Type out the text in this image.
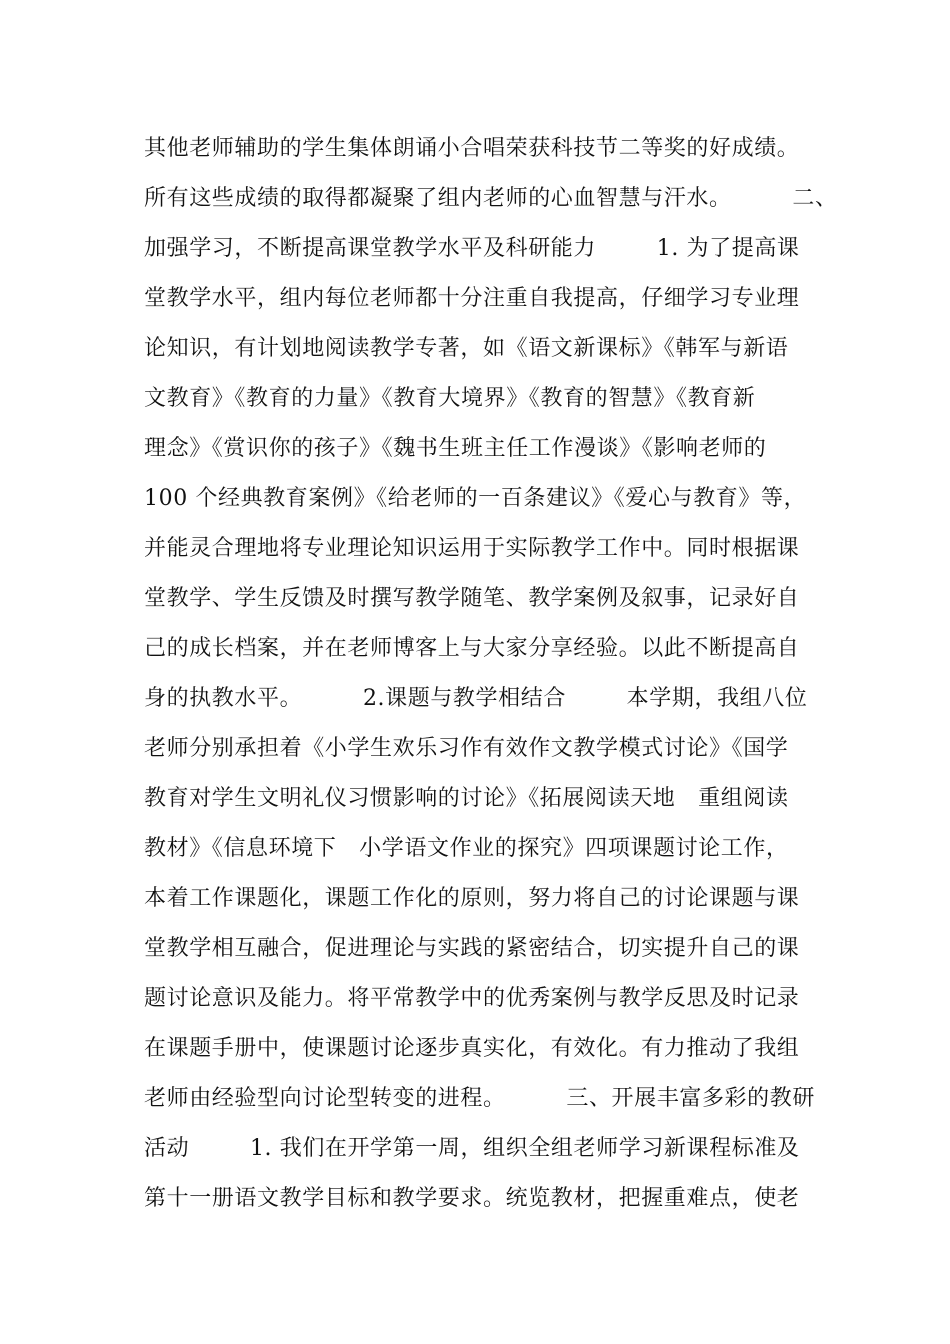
其他老师辅助的学生集体朗诵小合唱荣获科技节二等奖的好成绩。
所有这些成绩的取得都凝聚了组内老师的心血智慧与汗水。        二、
加强学习，不断提高课堂教学水平及科研能力        1. 为了提高课
堂教学水平，组内每位老师都十分注重自我提高，仔细学习专业理
论知识，有计划地阅读教学专著，如《语文新课标》《韩军与新语
文教育》《教育的力量》《教育大境界》《教育的智慧》《教育新
理念》《赏识你的孩子》《魏书生班主任工作漫谈》《影响老师的
100 个经典教育案例》《给老师的一百条建议》《爱心与教育》等，
并能灵合理地将专业理论知识运用于实际教学工作中。同时根据课
堂教学、学生反馈及时撰写教学随笔、教学案例及叙事，记录好自
己的成长档案，并在老师博客上与大家分享经验。以此不断提高自
身的执教水平。        2.课题与教学相结合        本学期，我组八位
老师分别承担着《小学生欢乐习作有效作文教学模式讨论》《国学
教育对学生文明礼仪习惯影响的讨论》《拓展阅读天地   重组阅读
教材》《信息环境下   小学语文作业的探究》四项课题讨论工作，
本着工作课题化，课题工作化的原则，努力将自己的讨论课题与课
堂教学相互融合，促进理论与实践的紧密结合，切实提升自己的课
题讨论意识及能力。将平常教学中的优秀案例与教学反思及时记录
在课题手册中，使课题讨论逐步真实化，有效化。有力推动了我组
老师由经验型向讨论型转变的进程。        三、开展丰富多彩的教研
活动        1. 我们在开学第一周，组织全组老师学习新课程标准及
第十一册语文教学目标和教学要求。统览教材，把握重难点，使老
